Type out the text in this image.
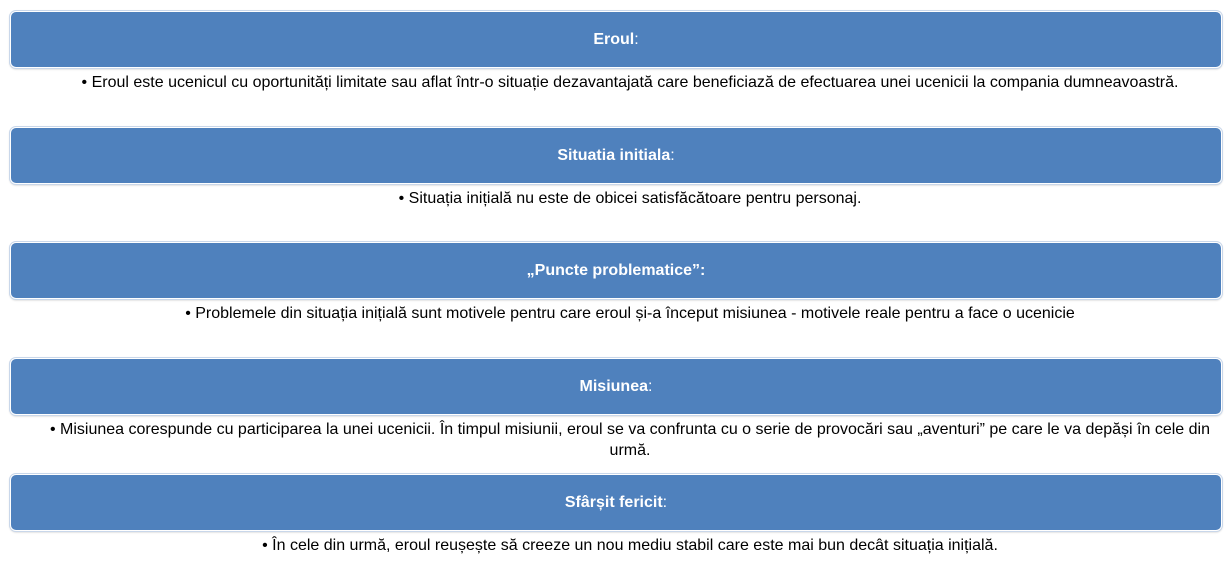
Eroul :
• Eroul este ucenicul cu oportunități limitate sau aflat într-o situație dezavantajată care beneficiază de efectuarea unei ucenicii la compania dumneavoastră.
Situatia initiala :
• Situația inițială nu este de obicei satisfăcătoare pentru personaj.
„Puncte problematice”:
• Problemele din situația inițială sunt motivele pentru care eroul și-a început misiunea - motivele reale pentru a face o ucenicie
Misiunea :
• Misiunea corespunde cu participarea la unei ucenicii. În timpul misiunii, eroul se va confrunta cu o serie de provocări sau „aventuri” pe care le va depăși în cele din urmă.
Sfârșit fericit :
• În cele din urmă, eroul reușește să creeze un nou mediu stabil care este mai bun decât situația inițială.
